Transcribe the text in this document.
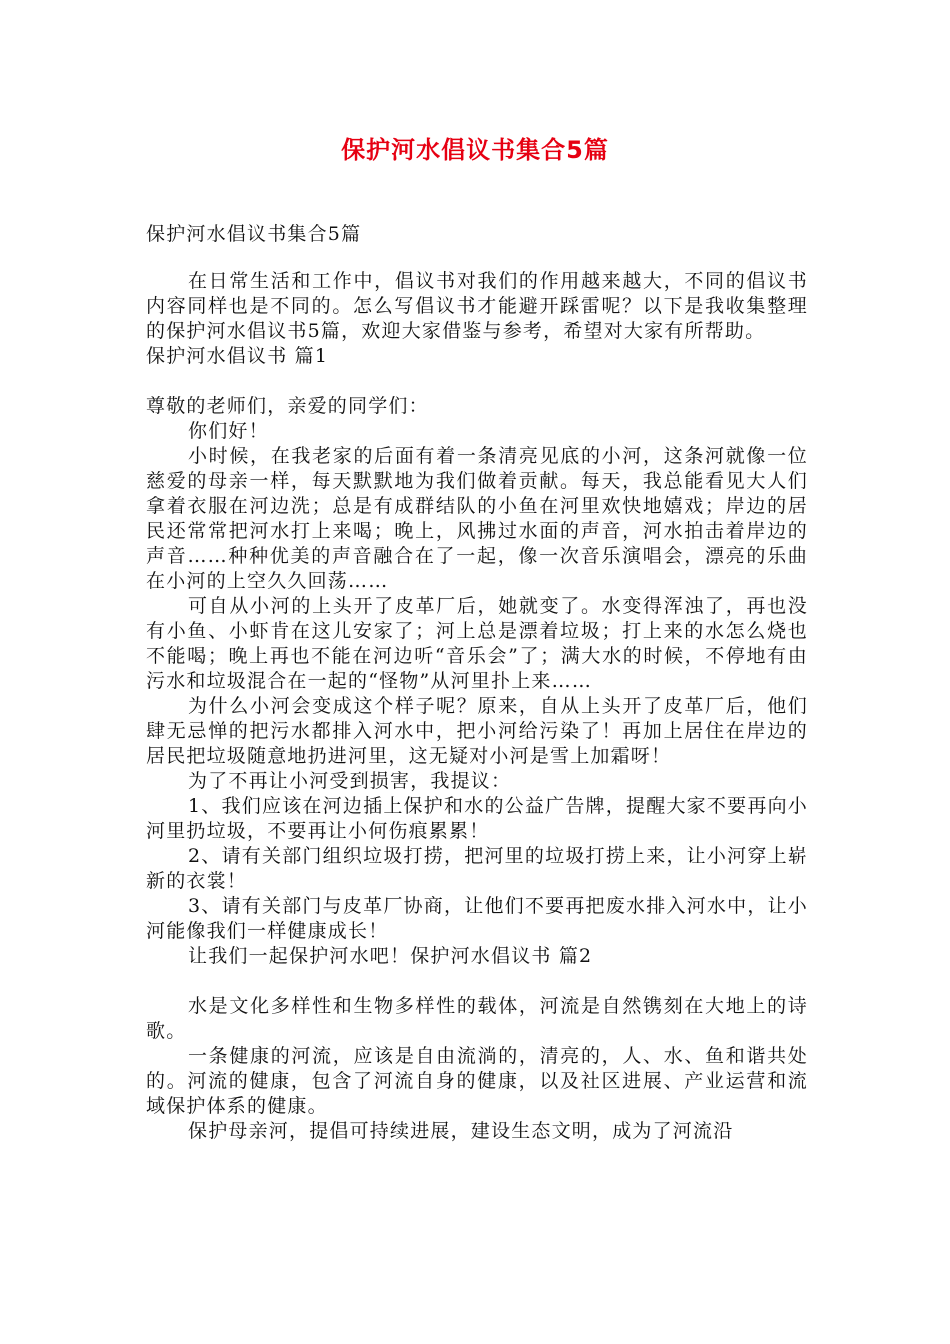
保护河水倡议书集合5篇

保护河水倡议书集合5篇

在日常生活和工作中，倡议书对我们的作用越来越大，不同的倡议书内容同样也是不同的。怎么写倡议书才能避开踩雷呢？以下是我收集整理的保护河水倡议书5篇，欢迎大家借鉴与参考，希望对大家有所帮助。

保护河水倡议书 篇1

尊敬的老师们，亲爱的同学们：

你们好！

小时候，在我老家的后面有着一条清亮见底的小河，这条河就像一位慈爱的母亲一样，每天默默地为我们做着贡献。每天，我总能看见大人们拿着衣服在河边洗；总是有成群结队的小鱼在河里欢快地嬉戏；岸边的居民还常常把河水打上来喝；晚上，风拂过水面的声音，河水拍击着岸边的声音……种种优美的声音融合在了一起，像一次音乐演唱会，漂亮的乐曲在小河的上空久久回荡……

可自从小河的上头开了皮革厂后，她就变了。水变得浑浊了，再也没有小鱼、小虾肯在这儿安家了；河上总是漂着垃圾；打上来的水怎么烧也不能喝；晚上再也不能在河边听“音乐会”了；满大水的时候，不停地有由污水和垃圾混合在一起的“怪物”从河里扑上来……

为什么小河会变成这个样子呢？原来，自从上头开了皮革厂后，他们肆无忌惮的把污水都排入河水中，把小河给污染了！再加上居住在岸边的居民把垃圾随意地扔进河里，这无疑对小河是雪上加霜呀！

为了不再让小河受到损害，我提议：

1、我们应该在河边插上保护和水的公益广告牌，提醒大家不要再向小河里扔垃圾，不要再让小何伤痕累累！

2、请有关部门组织垃圾打捞，把河里的垃圾打捞上来，让小河穿上崭新的衣裳！

3、请有关部门与皮革厂协商，让他们不要再把废水排入河水中，让小河能像我们一样健康成长！

让我们一起保护河水吧！保护河水倡议书 篇2

水是文化多样性和生物多样性的载体，河流是自然镌刻在大地上的诗歌。

一条健康的河流，应该是自由流淌的，清亮的，人、水、鱼和谐共处的。河流的健康，包含了河流自身的健康，以及社区进展、产业运营和流域保护体系的健康。

保护母亲河，提倡可持续进展，建设生态文明，成为了河流沿
